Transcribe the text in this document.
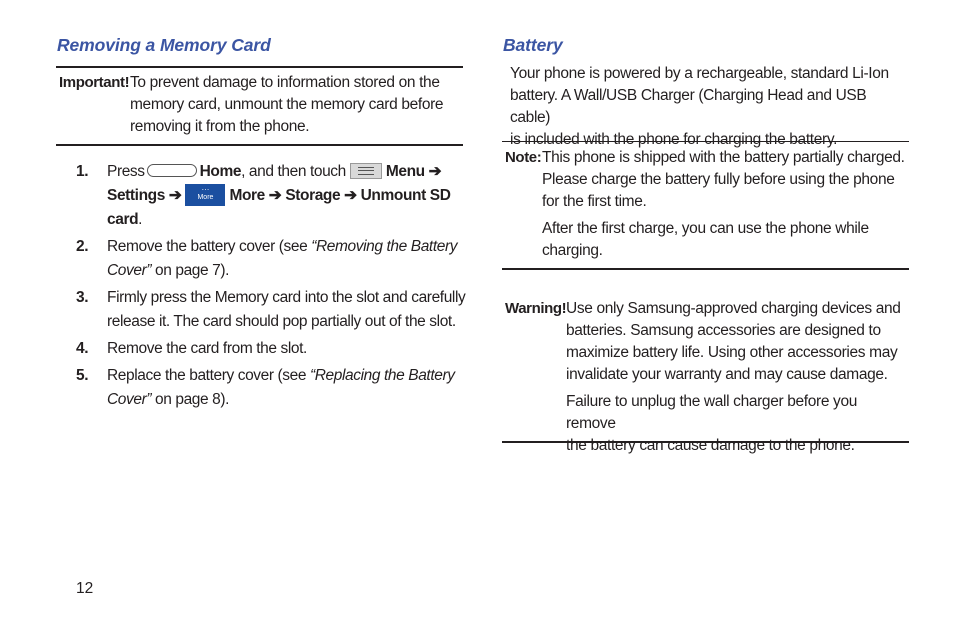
Removing a Memory Card
Important! To prevent damage to information stored on the

memory card, unmount the memory card before

removing it from the phone.

1. Press	Home, and then touch	Menu ➔ Settings ➔	···
More More ➔ Storage ➔ Unmount SD card.
2. Remove the battery cover (see “Removing the Battery Cover” on page 7).
3. Firmly press the Memory card into the slot and carefully release it. The card should pop partially out of the slot.
4. Remove the card from the slot.
5. Replace the battery cover (see “Replacing the Battery Cover” on page 8).
Battery
Your phone is powered by a rechargeable, standard Li-Ion
battery. A Wall/USB Charger (Charging Head and USB cable)
is included with the phone for charging the battery.
Note: This phone is shipped with the battery partially charged.

Please charge the battery fully before using the phone

for the first time.

After the first charge, you can use the phone while

charging.

Warning! Use only Samsung-approved charging devices and

batteries. Samsung accessories are designed to

maximize battery life. Using other accessories may

invalidate your warranty and may cause damage.

Failure to unplug the wall charger before you remove

the battery can cause damage to the phone.

12
